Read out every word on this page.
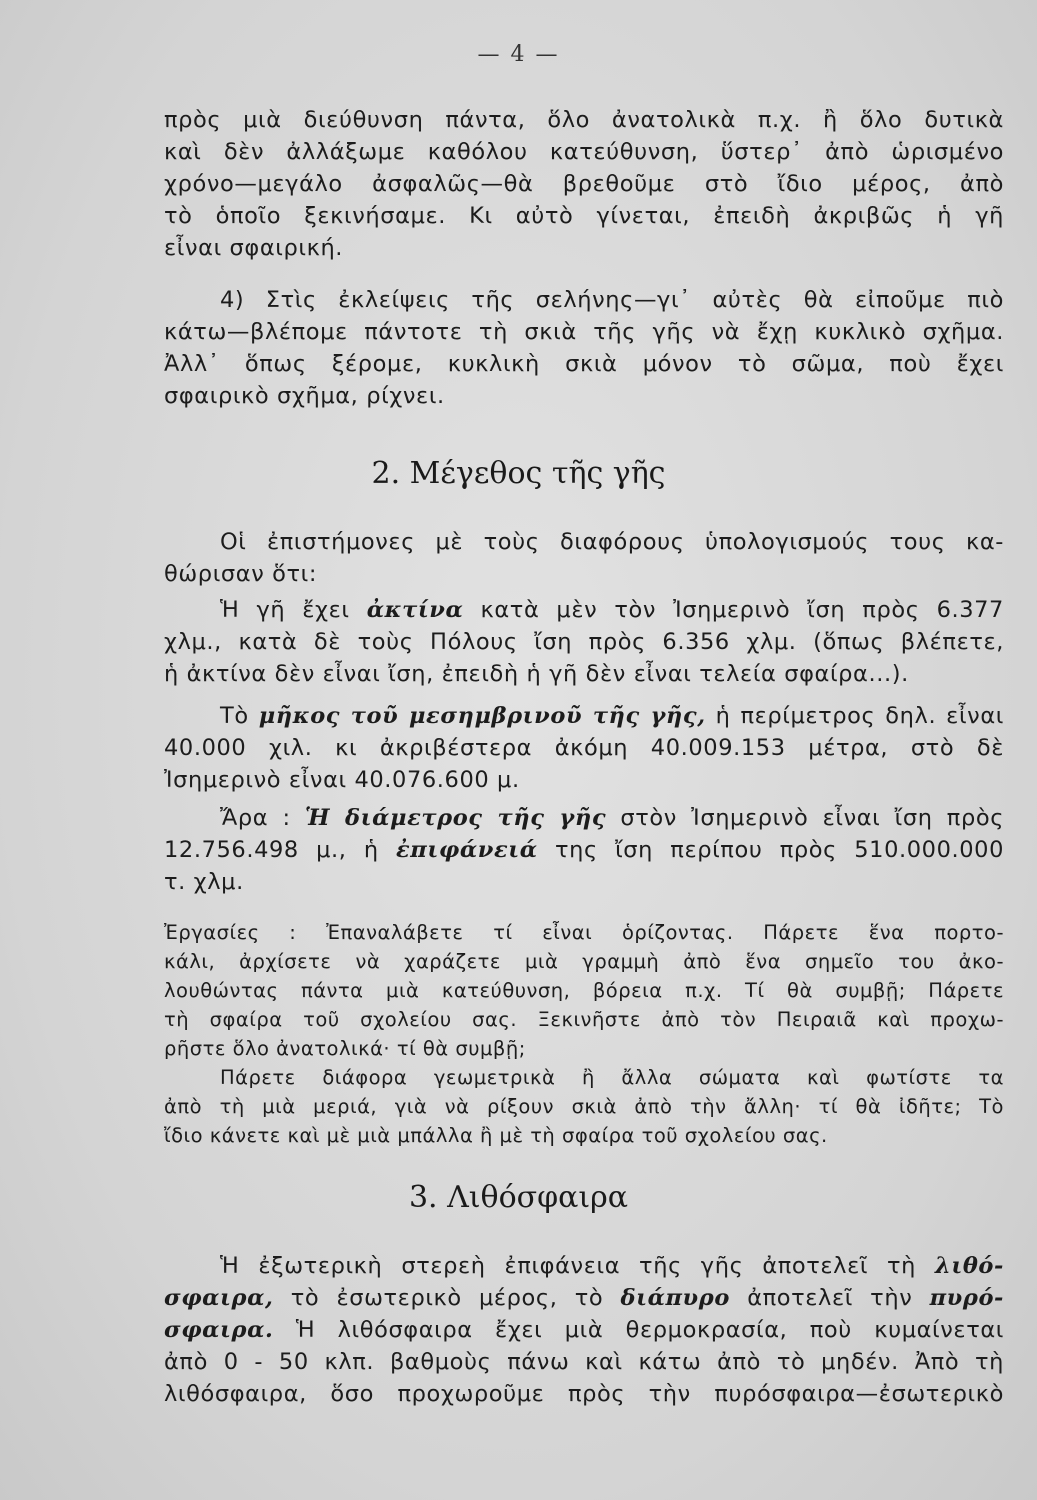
— 4 —
πρὸς μιὰ διεύθυνση πάντα, ὅλο ἀνατολικὰ π.χ. ἢ ὅλο δυτικὰ
καὶ δὲν ἀλλάξωμε καθόλου κατεύθυνση, ὕστερ᾽ ἀπὸ ὡρισμένο
χρόνο—μεγάλο ἀσφαλῶς—θὰ βρεθοῦμε στὸ ἴδιο μέρος, ἀπὸ
τὸ ὁποῖο ξεκινήσαμε. Κι αὐτὸ γίνεται, ἐπειδὴ ἀκριβῶς ἡ γῆ
εἶναι σφαιρική.
4) Στὶς ἐκλείψεις τῆς σελήνης—γι᾽ αὐτὲς θὰ εἰποῦμε πιὸ
κάτω—βλέπομε πάντοτε τὴ σκιὰ τῆς γῆς νὰ ἔχῃ κυκλικὸ σχῆμα.
Ἀλλ᾽ ὅπως ξέρομε, κυκλικὴ σκιὰ μόνον τὸ σῶμα, ποὺ ἔχει
σφαιρικὸ σχῆμα, ρίχνει.
2. Μέγεθος τῆς γῆς
Οἱ ἐπιστήμονες μὲ τοὺς διαφόρους ὑπολογισμούς τους κα-
θώρισαν ὅτι:
Ἡ γῆ ἔχει ἀκτίνα κατὰ μὲν τὸν Ἰσημερινὸ ἴση πρὸς 6.377
χλμ., κατὰ δὲ τοὺς Πόλους ἴση πρὸς 6.356 χλμ. (ὅπως βλέπετε,
ἡ ἀκτίνα δὲν εἶναι ἴση, ἐπειδὴ ἡ γῆ δὲν εἶναι τελεία σφαίρα...).
Τὸ μῆκος τοῦ μεσημβρινοῦ τῆς γῆς, ἡ περίμετρος δηλ. εἶναι
40.000 χιλ. κι ἀκριβέστερα ἀκόμη 40.009.153 μέτρα, στὸ δὲ
Ἰσημερινὸ εἶναι 40.076.600 μ.
Ἄρα : Ἡ διάμετρος τῆς γῆς στὸν Ἰσημερινὸ εἶναι ἴση πρὸς
12.756.498 μ., ἡ ἐπιφάνειά της ἴση περίπου πρὸς 510.000.000
τ. χλμ.
Ἐργασίες : Ἐπαναλάβετε τί εἶναι ὁρίζοντας. Πάρετε ἕνα πορτο-
κάλι, ἀρχίσετε νὰ χαράζετε μιὰ γραμμὴ ἀπὸ ἕνα σημεῖο του ἀκο-
λουθώντας πάντα μιὰ κατεύθυνση, βόρεια π.χ. Τί θὰ συμβῇ; Πάρετε
τὴ σφαίρα τοῦ σχολείου σας. Ξεκινῆστε ἀπὸ τὸν Πειραιᾶ καὶ προχω-
ρῆστε ὅλο ἀνατολικά· τί θὰ συμβῇ;
Πάρετε διάφορα γεωμετρικὰ ἢ ἄλλα σώματα καὶ φωτίστε τα
ἀπὸ τὴ μιὰ μεριά, γιὰ νὰ ρίξουν σκιὰ ἀπὸ τὴν ἄλλη· τί θὰ ἰδῆτε; Τὸ
ἴδιο κάνετε καὶ μὲ μιὰ μπάλλα ἢ μὲ τὴ σφαίρα τοῦ σχολείου σας.
3. Λιθόσφαιρα
Ἡ ἐξωτερικὴ στερεὴ ἐπιφάνεια τῆς γῆς ἀποτελεῖ τὴ λιθό-
σφαιρα, τὸ ἐσωτερικὸ μέρος, τὸ διάπυρο ἀποτελεῖ τὴν πυρό-
σφαιρα. Ἡ λιθόσφαιρα ἔχει μιὰ θερμοκρασία, ποὺ κυμαίνεται
ἀπὸ 0 - 50 κλπ. βαθμοὺς πάνω καὶ κάτω ἀπὸ τὸ μηδέν. Ἀπὸ τὴ
λιθόσφαιρα, ὅσο προχωροῦμε πρὸς τὴν πυρόσφαιρα—ἐσωτερικὸ
